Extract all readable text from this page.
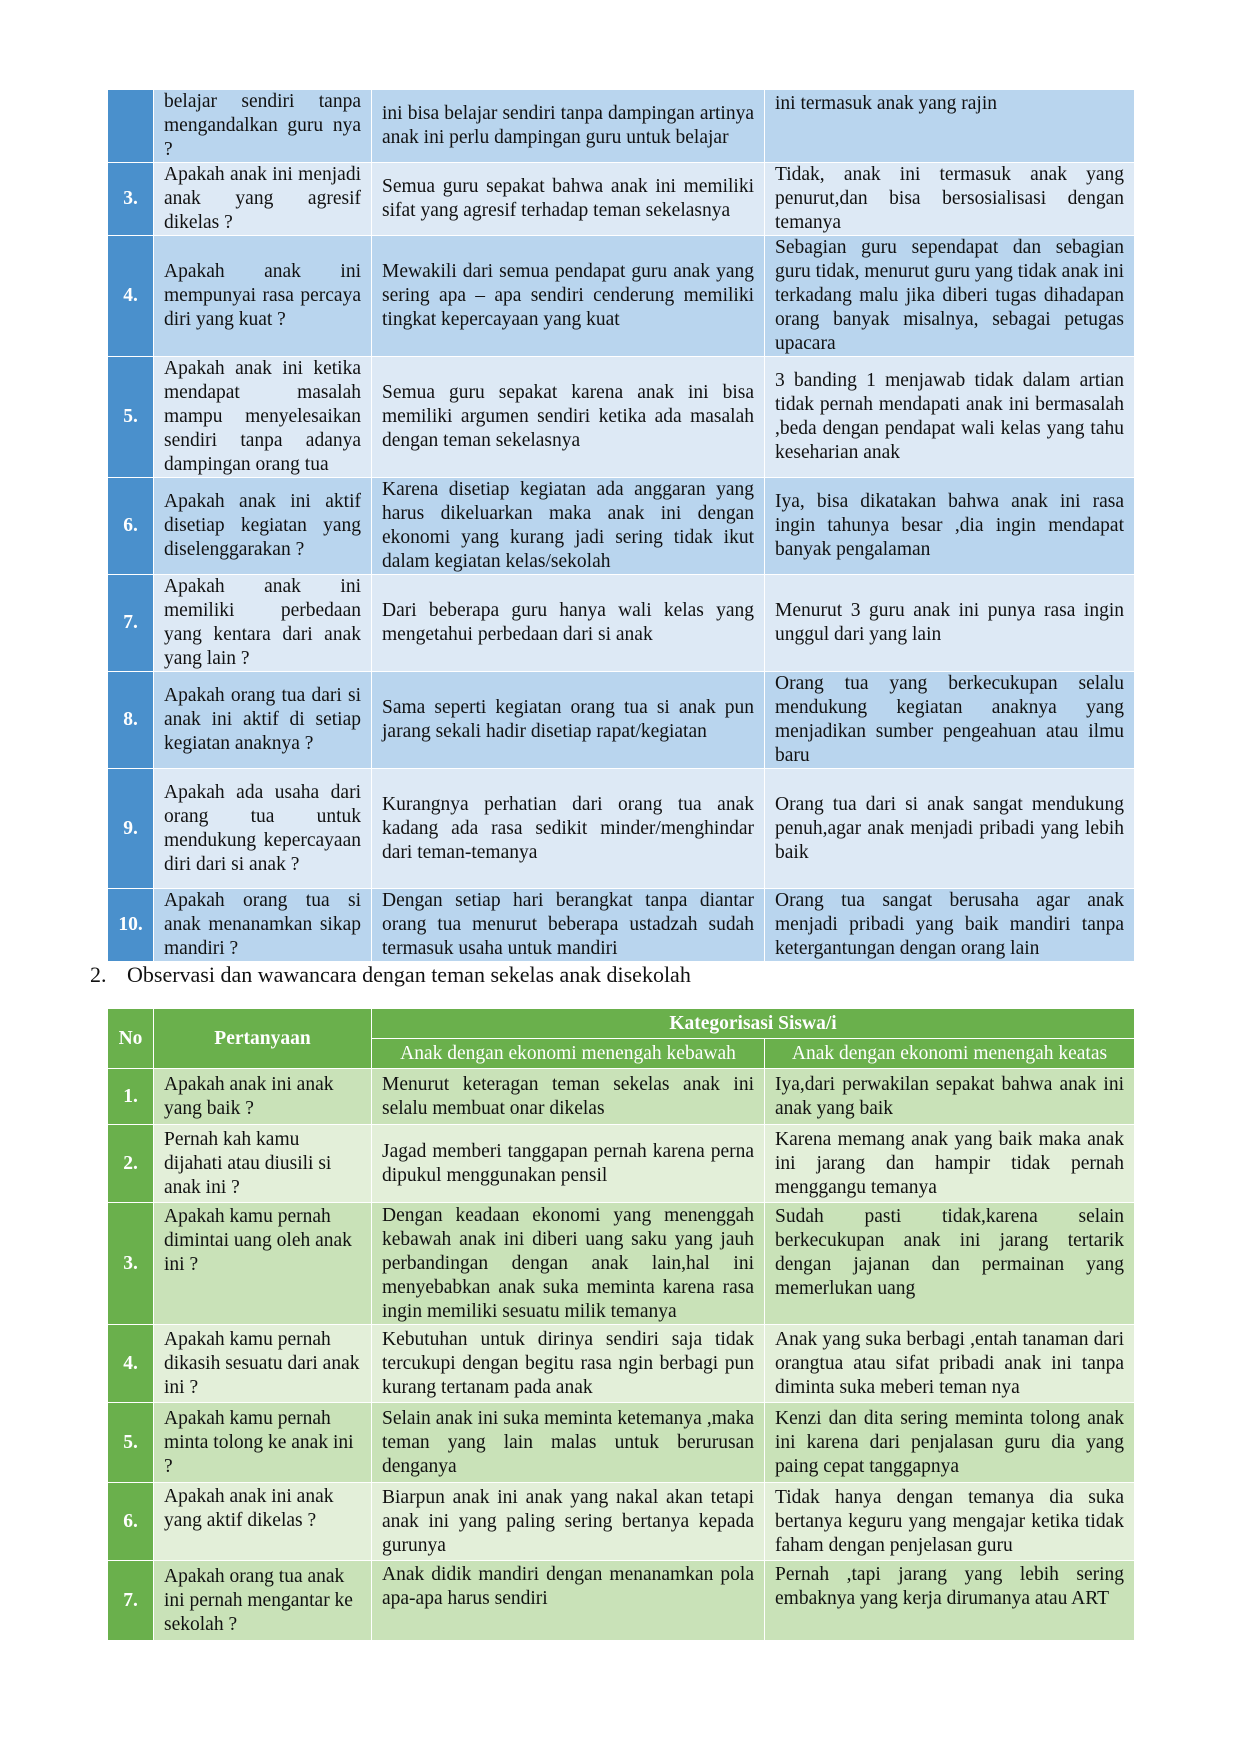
	belajar sendiri tanpa mengandalkan guru nya ?	ini bisa belajar sendiri tanpa dampingan artinya anak ini perlu dampingan guru untuk belajar	ini termasuk anak yang rajin
3.	Apakah anak ini menjadi anak yang agresif dikelas ?	Semua guru sepakat bahwa anak ini memiliki sifat yang agresif terhadap teman sekelasnya	Tidak, anak ini termasuk anak yang penurut,dan bisa bersosialisasi dengan temanya
4.	Apakah anak ini mempunyai rasa percaya diri yang kuat ?	Mewakili dari semua pendapat guru anak yang sering apa – apa sendiri cenderung memiliki tingkat kepercayaan yang kuat	Sebagian guru sependapat dan sebagian guru tidak, menurut guru yang tidak anak ini terkadang malu jika diberi tugas dihadapan orang banyak misalnya, sebagai petugas upacara
5.	Apakah anak ini ketika mendapat masalah mampu menyelesaikan sendiri tanpa adanya dampingan orang tua	Semua guru sepakat karena anak ini bisa memiliki argumen sendiri ketika ada masalah dengan teman sekelasnya	3 banding 1 menjawab tidak dalam artian tidak pernah mendapati anak ini bermasalah ,beda dengan pendapat wali kelas yang tahu keseharian anak
6.	Apakah anak ini aktif disetiap kegiatan yang diselenggarakan ?	Karena disetiap kegiatan ada anggaran yang harus dikeluarkan maka anak ini dengan ekonomi yang kurang jadi sering tidak ikut dalam kegiatan kelas/sekolah	Iya, bisa dikatakan bahwa anak ini rasa ingin tahunya besar ,dia ingin mendapat banyak pengalaman
7.	Apakah anak ini memiliki perbedaan yang kentara dari anak yang lain ?	Dari beberapa guru hanya wali kelas yang mengetahui perbedaan dari si anak	Menurut 3 guru anak ini punya rasa ingin unggul dari yang lain
8.	Apakah orang tua dari si anak ini aktif di setiap kegiatan anaknya ?	Sama seperti kegiatan orang tua si anak pun jarang sekali hadir disetiap rapat/kegiatan	Orang tua yang berkecukupan selalu mendukung kegiatan anaknya yang menjadikan sumber pengeahuan atau ilmu baru
9.	Apakah ada usaha dari orang tua untuk mendukung kepercayaan diri dari si anak ?	Kurangnya perhatian dari orang tua anak kadang ada rasa sedikit minder/menghindar dari teman-temanya	Orang tua dari si anak sangat mendukung penuh,agar anak menjadi pribadi yang lebih baik
10.	Apakah orang tua si anak menanamkan sikap mandiri ?	Dengan setiap hari berangkat tanpa diantar orang tua menurut beberapa ustadzah sudah termasuk usaha untuk mandiri	Orang tua sangat berusaha agar anak menjadi pribadi yang baik mandiri tanpa ketergantungan dengan orang lain
2. Observasi dan wawancara dengan teman sekelas anak disekolah
No	Pertanyaan	Kategorisasi Siswa/i	
		Anak dengan ekonomi menengah kebawah	Anak dengan ekonomi menengah keatas
1.	Apakah anak ini anak yang baik ?	Menurut keteragan teman sekelas anak ini selalu membuat onar dikelas	Iya,dari perwakilan sepakat bahwa anak ini anak yang baik
2.	Pernah kah kamu dijahati atau diusili si anak ini ?	Jagad memberi tanggapan pernah karena perna dipukul menggunakan pensil	Karena memang anak yang baik maka anak ini jarang dan hampir tidak pernah menggangu temanya
3.	Apakah kamu pernah dimintai uang oleh anak ini ?	Dengan keadaan ekonomi yang menenggah kebawah anak ini diberi uang saku yang jauh perbandingan dengan anak lain,hal ini menyebabkan anak suka meminta karena rasa ingin memiliki sesuatu milik temanya	Sudah pasti tidak,karena selain berkecukupan anak ini jarang tertarik dengan jajanan dan permainan yang memerlukan uang
4.	Apakah kamu pernah dikasih sesuatu dari anak ini ?	Kebutuhan untuk dirinya sendiri saja tidak tercukupi dengan begitu rasa ngin berbagi pun kurang tertanam pada anak	Anak yang suka berbagi ,entah tanaman dari orangtua atau sifat pribadi anak ini tanpa diminta suka meberi teman nya
5.	Apakah kamu pernah minta tolong ke anak ini ?	Selain anak ini suka meminta ketemanya ,maka teman yang lain malas untuk berurusan denganya	Kenzi dan dita sering meminta tolong anak ini karena dari penjalasan guru dia yang paing cepat tanggapnya
6.	Apakah anak ini anak yang aktif dikelas ?	Biarpun anak ini anak yang nakal akan tetapi anak ini yang paling sering bertanya kepada gurunya	Tidak hanya dengan temanya dia suka bertanya keguru yang mengajar ketika tidak faham dengan penjelasan guru
7.	Apakah orang tua anak ini pernah mengantar ke sekolah ?	Anak didik mandiri dengan menanamkan pola apa-apa harus sendiri	Pernah ,tapi jarang yang lebih sering embaknya yang kerja dirumanya atau ART
